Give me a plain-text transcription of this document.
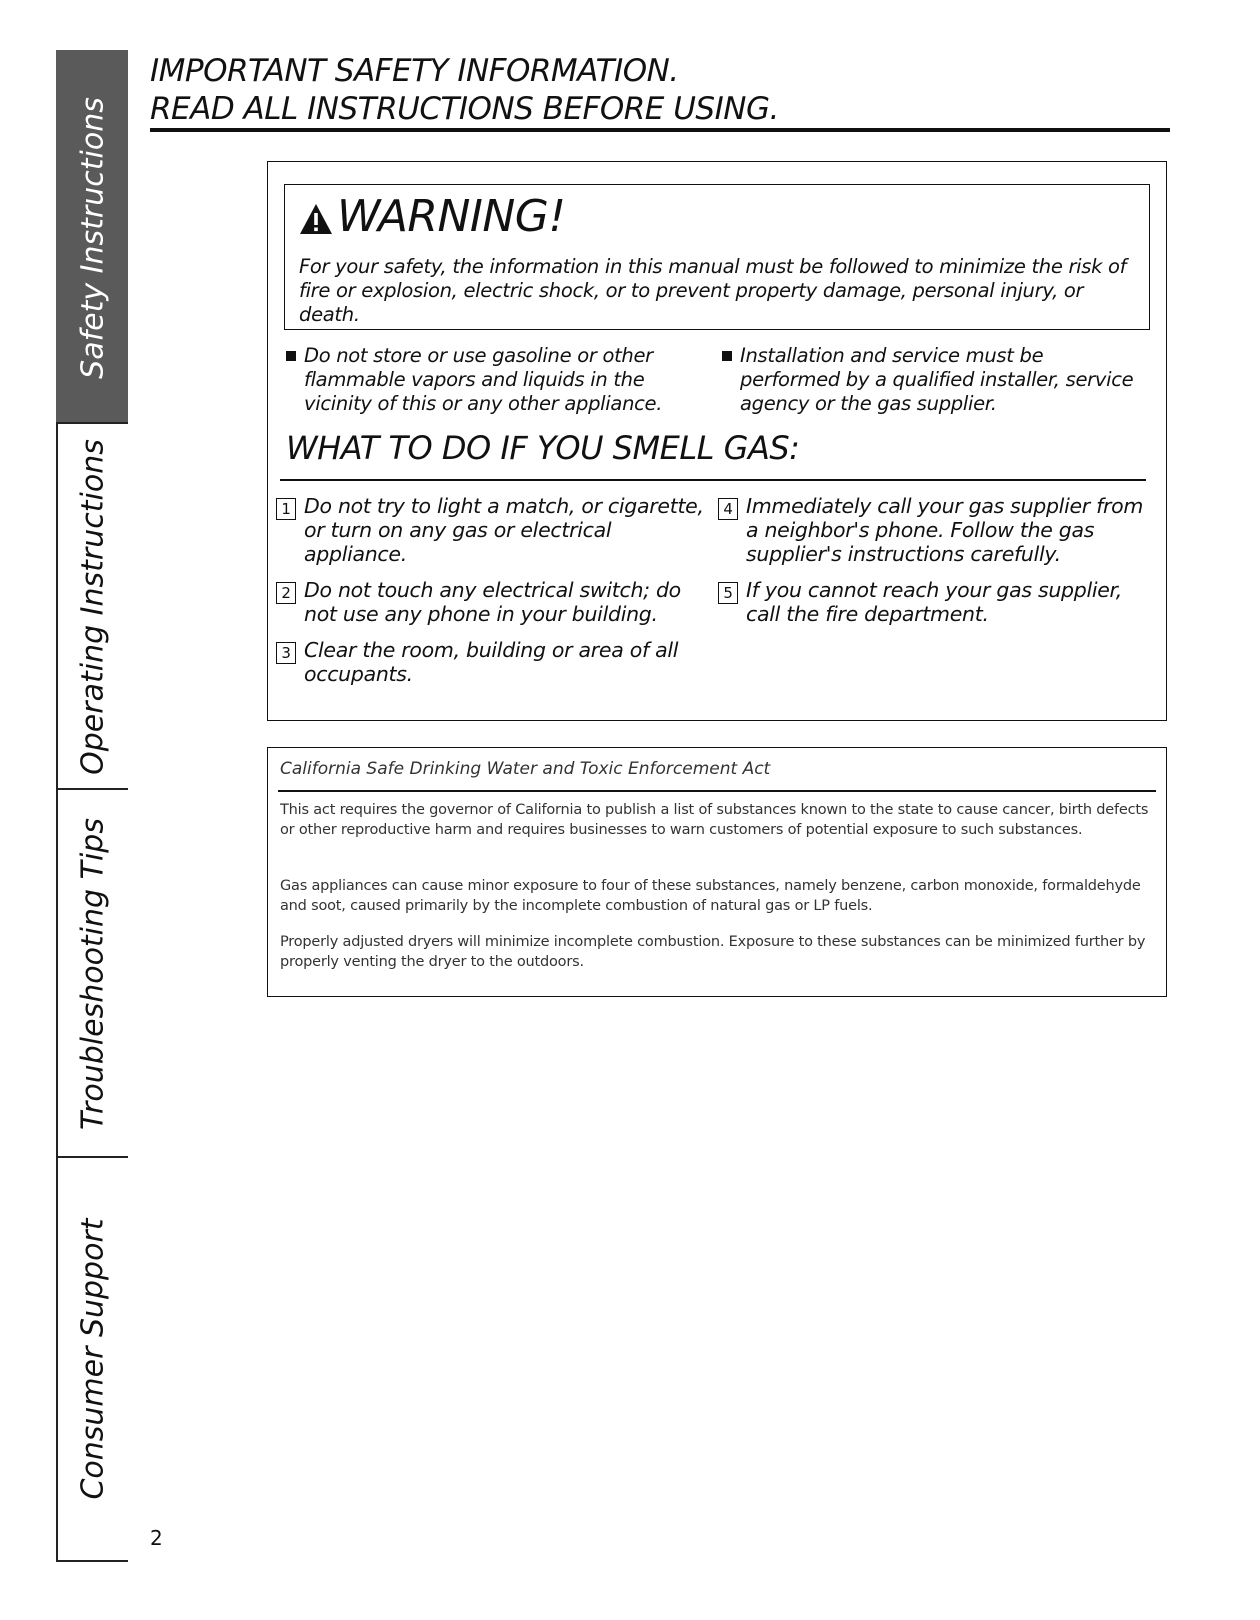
Safety Instructions
Operating Instructions
Troubleshooting Tips
Consumer Support
IMPORTANT SAFETY INFORMATION.
READ ALL INSTRUCTIONS BEFORE USING.
WARNING!
For your safety, the information in this manual must be followed to minimize the risk of fire or explosion, electric shock, or to prevent property damage, personal injury, or death.
Do not store or use gasoline or other flammable vapors and liquids in the vicinity of this or any other appliance.
Installation and service must be performed by a qualified installer, service agency or the gas supplier.
WHAT TO DO IF YOU SMELL GAS:
1 Do not try to light a match, or cigarette, or turn on any gas or electrical appliance.
2 Do not touch any electrical switch; do not use any phone in your building.
3 Clear the room, building or area of all occupants.
4 Immediately call your gas supplier from a neighbor's phone. Follow the gas supplier's instructions carefully.
5 If you cannot reach your gas supplier, call the fire department.
California Safe Drinking Water and Toxic Enforcement Act
This act requires the governor of California to publish a list of substances known to the state to cause cancer, birth defects or other reproductive harm and requires businesses to warn customers of potential exposure to such substances.
Gas appliances can cause minor exposure to four of these substances, namely benzene, carbon monoxide, formaldehyde and soot, caused primarily by the incomplete combustion of natural gas or LP fuels.
Properly adjusted dryers will minimize incomplete combustion. Exposure to these substances can be minimized further by properly venting the dryer to the outdoors.
2
